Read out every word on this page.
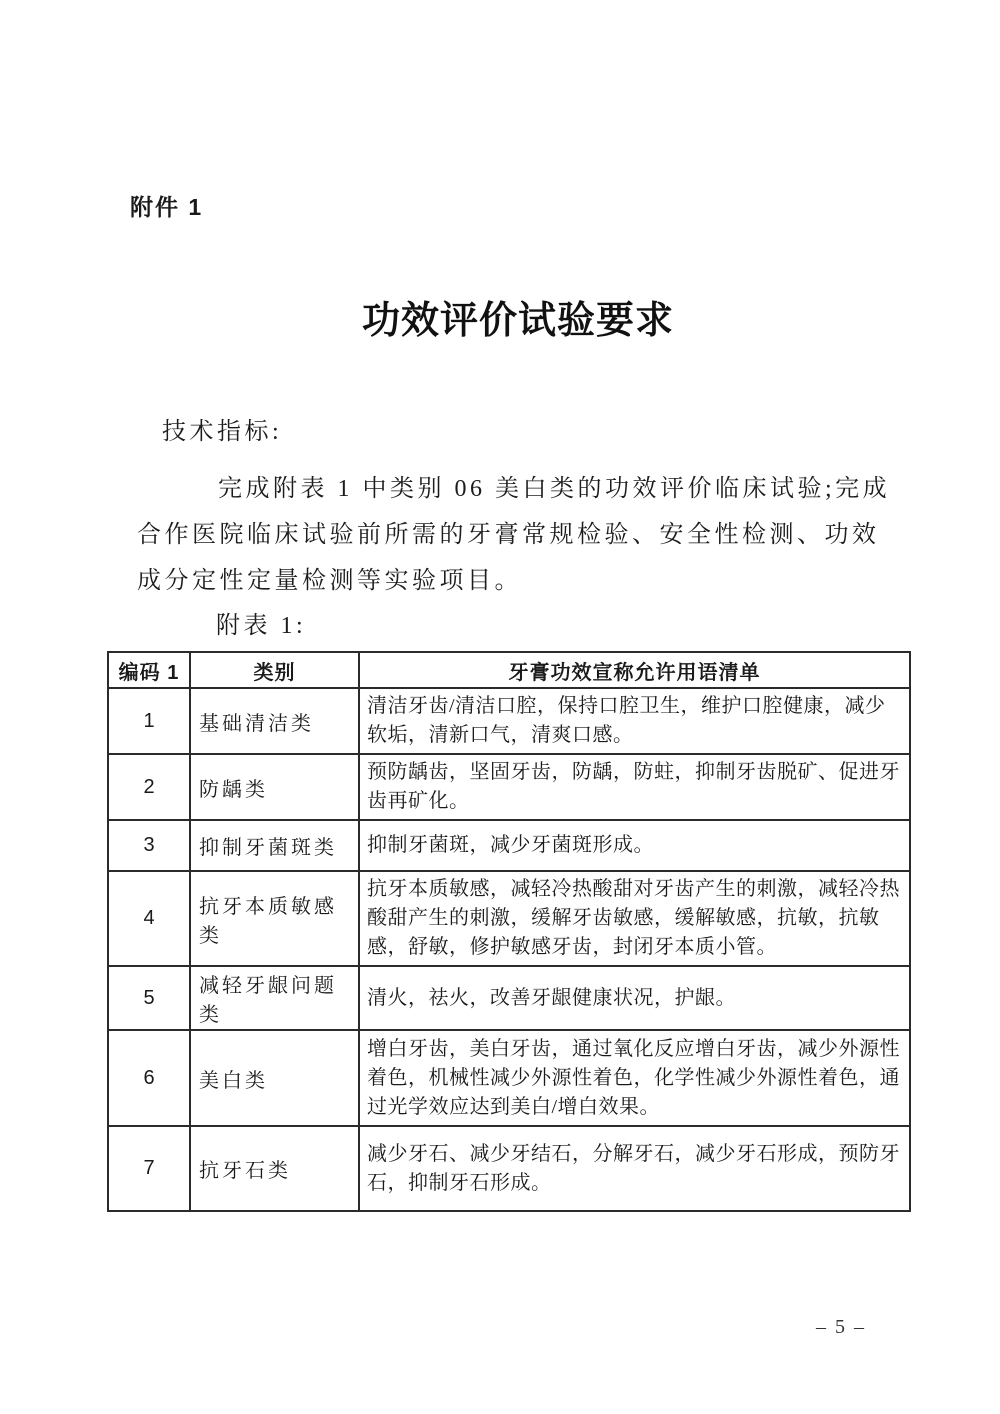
附件 1
功效评价试验要求
技术指标:
完成附表 1 中类别 06 美白类的功效评价临床试验;完成
合作医院临床试验前所需的牙膏常规检验、安全性检测、功效
成分定性定量检测等实验项目。
附表 1:
编码 1	类别	牙膏功效宣称允许用语清单
1	基础清洁类	清洁牙齿/清洁口腔，保持口腔卫生，维护口腔健康，减少软垢，清新口气，清爽口感。
2	防龋类	预防龋齿，坚固牙齿，防龋，防蛀，抑制牙齿脱矿、促进牙齿再矿化。
3	抑制牙菌斑类	抑制牙菌斑，减少牙菌斑形成。
4	抗牙本质敏感类	抗牙本质敏感，减轻冷热酸甜对牙齿产生的刺激，减轻冷热酸甜产生的刺激，缓解牙齿敏感，缓解敏感，抗敏，抗敏感，舒敏，修护敏感牙齿，封闭牙本质小管。
5	减轻牙龈问题类	清火，祛火，改善牙龈健康状况，护龈。
6	美白类	增白牙齿，美白牙齿，通过氧化反应增白牙齿，减少外源性着色，机械性减少外源性着色，化学性减少外源性着色，通过光学效应达到美白/增白效果。
7	抗牙石类	减少牙石、减少牙结石，分解牙石，减少牙石形成，预防牙石，抑制牙石形成。
– 5 –
